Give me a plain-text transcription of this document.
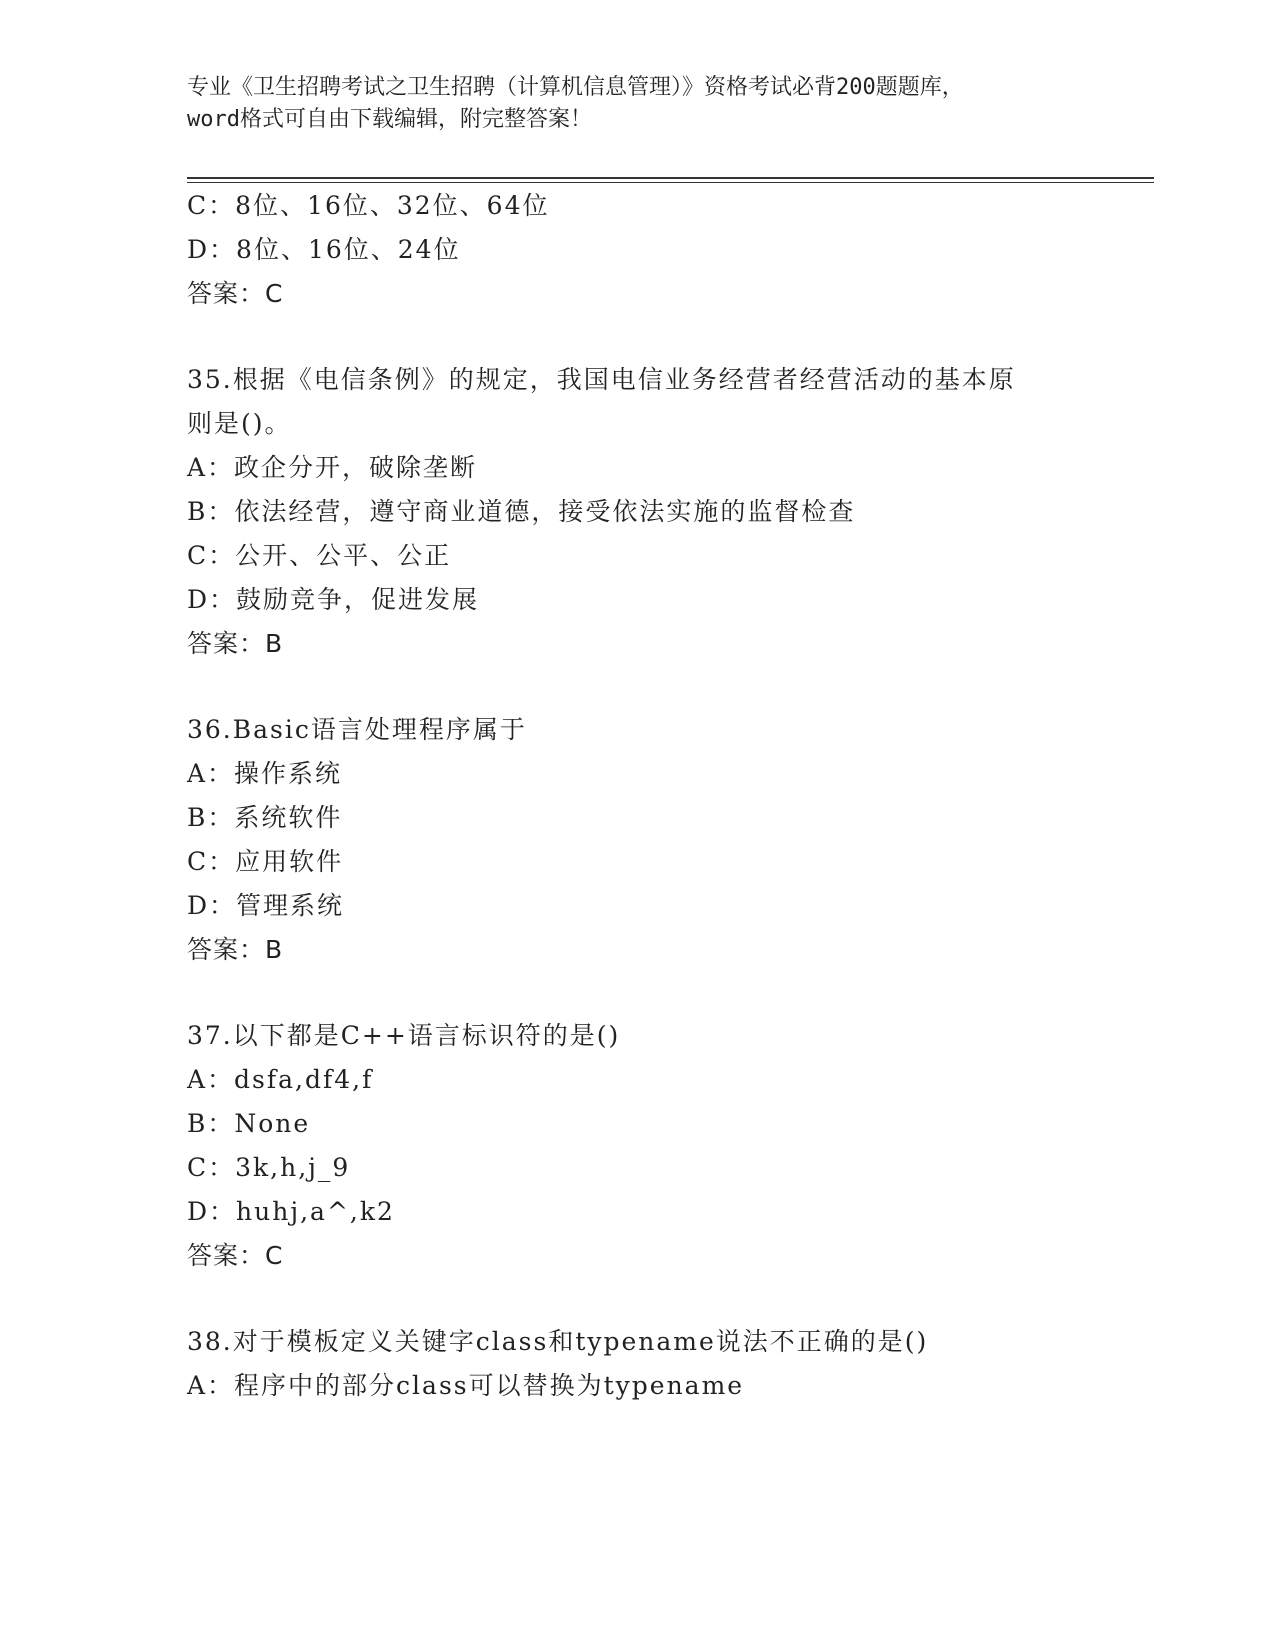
专业《卫生招聘考试之卫生招聘（计算机信息管理）》资格考试必背200题题库，
word格式可自由下载编辑，附完整答案！
C：8位、16位、32位、64位
D：8位、16位、24位
答案：C
35.根据《电信条例》的规定，我国电信业务经营者经营活动的基本原
则是()。
A：政企分开，破除垄断
B：依法经营，遵守商业道德，接受依法实施的监督检查
C：公开、公平、公正
D：鼓励竞争，促进发展
答案：B
36.Basic语言处理程序属于
A：操作系统
B：系统软件
C：应用软件
D：管理系统
答案：B
37.以下都是C++语言标识符的是()
A：dsfa,df4,f
B：None
C：3k,h,j_9
D：huhj,a^,k2
答案：C
38.对于模板定义关键字class和typename说法不正确的是()
A：程序中的部分class可以替换为typename
